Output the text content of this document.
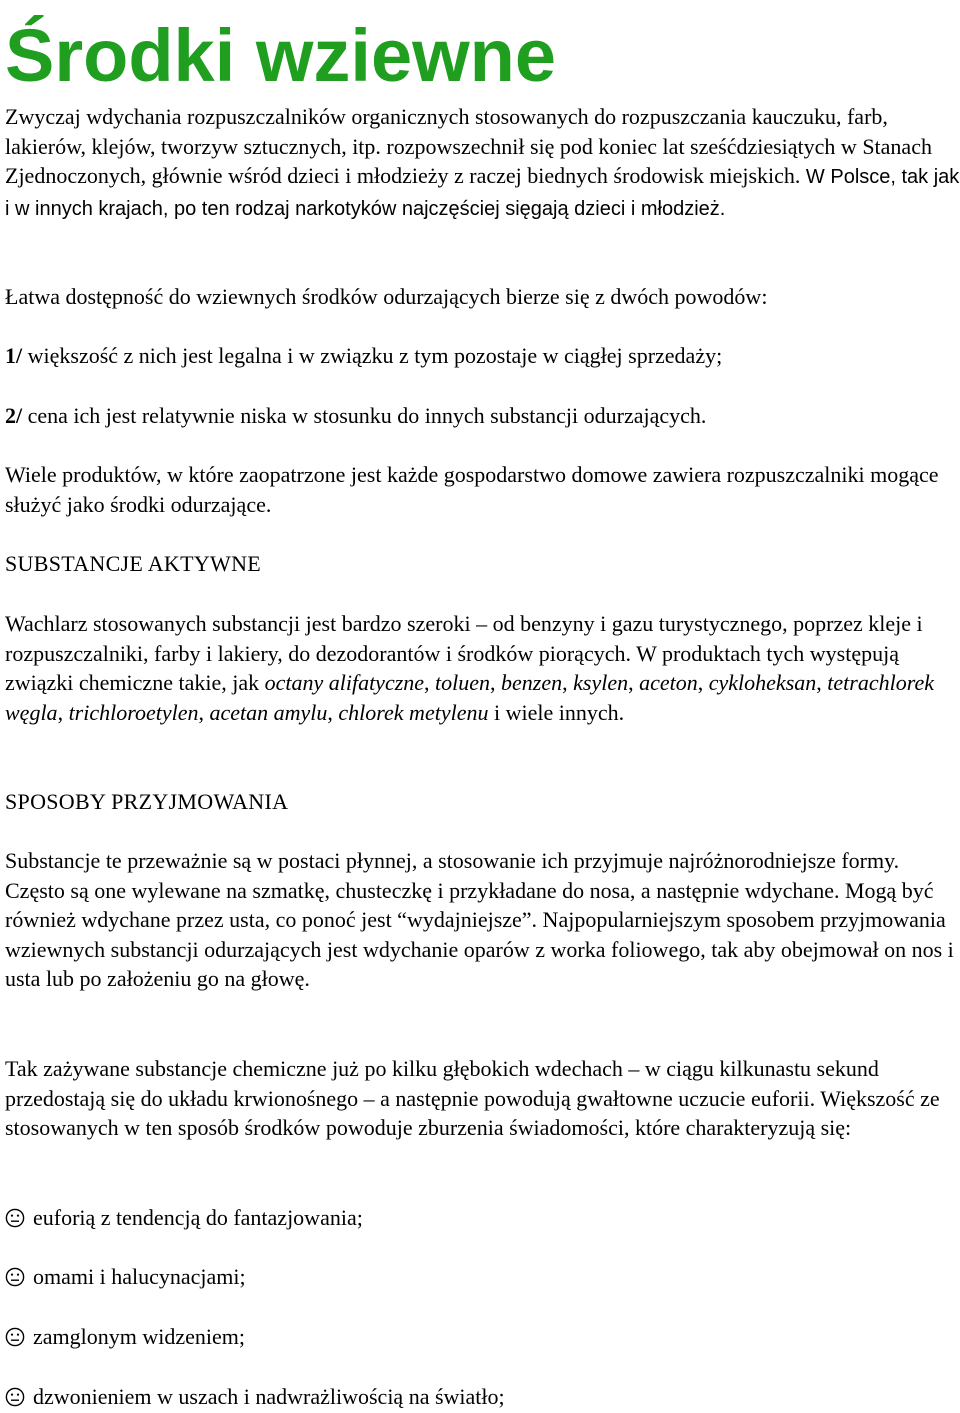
Środki wziewne

Zwyczaj wdychania rozpuszczalników organicznych stosowanych do rozpuszczania kauczuku, farb, lakierów, klejów, tworzyw sztucznych, itp. rozpowszechnił się pod koniec lat sześćdziesiątych w Stanach Zjednoczonych, głównie wśród dzieci i młodzieży z raczej biednych środowisk miejskich. W Polsce, tak jak i w innych krajach, po ten rodzaj narkotyków najczęściej sięgają dzieci i młodzież.

Łatwa dostępność do wziewnych środków odurzających bierze się z dwóch powodów:

1/ większość z nich jest legalna i w związku z tym pozostaje w ciągłej sprzedaży;

2/ cena ich jest relatywnie niska w stosunku do innych substancji odurzających.

Wiele produktów, w które zaopatrzone jest każde gospodarstwo domowe zawiera rozpuszczalniki mogące służyć jako środki odurzające.

SUBSTANCJE AKTYWNE

Wachlarz stosowanych substancji jest bardzo szeroki – od benzyny i gazu turystycznego, poprzez kleje i rozpuszczalniki, farby i lakiery, do dezodorantów i środków piorących. W produktach tych występują związki chemiczne takie, jak octany alifatyczne, toluen, benzen, ksylen, aceton, cykloheksan, tetrachlorek węgla, trichloroetylen, acetan amylu, chlorek metylenu i wiele innych.

SPOSOBY PRZYJMOWANIA

Substancje te przeważnie są w postaci płynnej, a stosowanie ich przyjmuje najróżnorodniejsze formy. Często są one wylewane na szmatkę, chusteczkę i przykładane do nosa, a następnie wdychane. Mogą być również wdychane przez usta, co ponoć jest “wydajniejsze”. Najpopularniejszym sposobem przyjmowania wziewnych substancji odurzających jest wdychanie oparów z worka foliowego, tak aby obejmował on nos i usta lub po założeniu go na głowę.

Tak zażywane substancje chemiczne już po kilku głębokich wdechach – w ciągu kilkunastu sekund przedostają się do układu krwionośnego – a następnie powodują gwałtowne uczucie euforii. Większość ze stosowanych w ten sposób środków powoduje zburzenia świadomości, które charakteryzują się:

euforią z tendencją do fantazjowania;
omami i halucynacjami;
zamglonym widzeniem;
dzwonieniem w uszach i nadwrażliwością na światło;
